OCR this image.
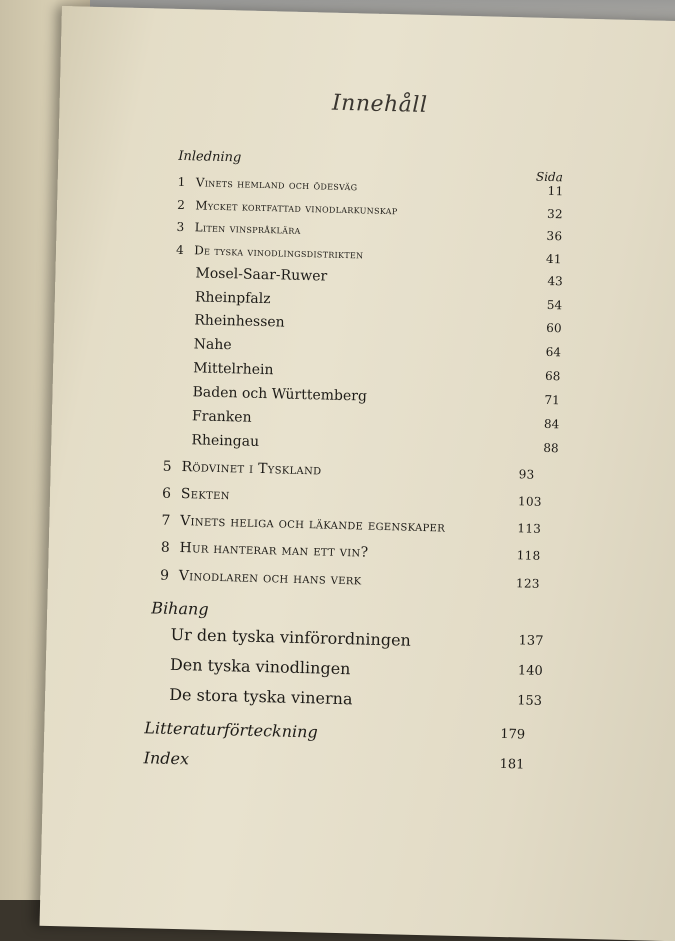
Innehåll
Inledning
Sida
1 Vinets hemland och ödesväg	11
2 Mycket kortfattad vinodlarkunskap	32
3 Liten vinspråklära	36
4 De tyska vinodlingsdistrikten	41
Mosel-Saar-Ruwer	43
Rheinpfalz	54
Rheinhessen	60
Nahe	64
Mittelrhein	68
Baden och Württemberg	71
Franken	84
Rheingau	88
5 Rödvinet i Tyskland	93
6 Sekten	103
7 Vinets heliga och läkande egenskaper	113
8 Hur hanterar man ett vin?	118
9 Vinodlaren och hans verk	123
Bihang
Ur den tyska vinförordningen	137
Den tyska vinodlingen	140
De stora tyska vinerna	153
Litteraturförteckning	179
Index	181
